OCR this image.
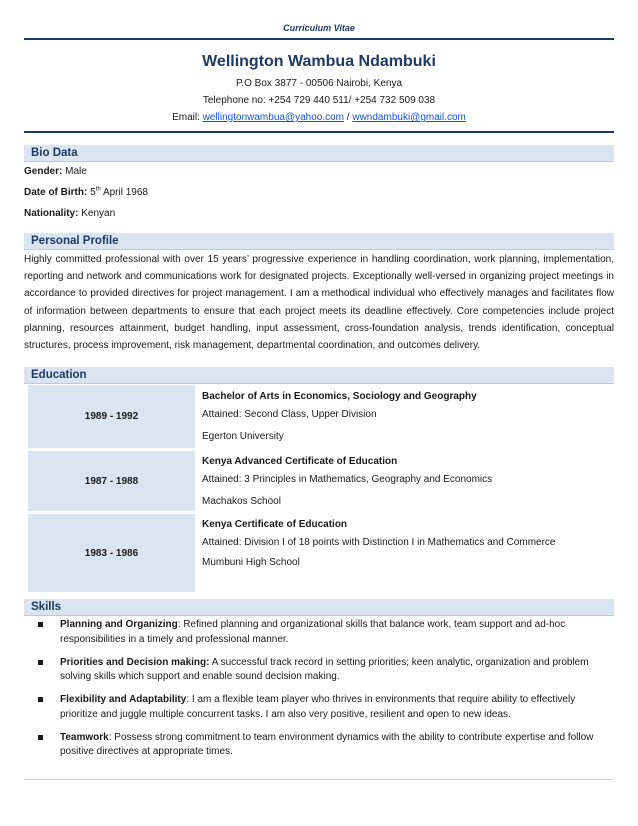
Curriculum Vitae
Wellington Wambua Ndambuki
P.O Box 3877 - 00506 Nairobi, Kenya
Telephone no: +254 729 440 511/ +254 732 509 038
Email: wellingtonwambua@yahoo.com / wwndambuki@gmail.com
Bio Data
Gender: Male
Date of Birth: 5th April 1968
Nationality: Kenyan
Personal Profile
Highly committed professional with over 15 years’ progressive experience in handling coordination, work planning, implementation, reporting and network and communications work for designated projects. Exceptionally well-versed in organizing project meetings in accordance to provided directives for project management. I am a methodical individual who effectively manages and facilitates flow of information between departments to ensure that each project meets its deadline effectively. Core competencies include project planning, resources attainment, budget handling, input assessment, cross-foundation analysis, trends identification, conceptual structures, process improvement, risk management, departmental coordination, and outcomes delivery.
Education
1989 - 1992	Bachelor of Arts in Economics, Sociology and Geography
Attained: Second Class, Upper Division
Egerton University

1987 - 1988	Kenya Advanced Certificate of Education
Attained: 3 Principles in Mathematics, Geography and Economics
Machakos School

1983 - 1986	Kenya Certificate of Education
Attained: Division I of 18 points with Distinction I in Mathematics and Commerce
Mumbuni High School
Skills
Planning and Organizing: Refined planning and organizational skills that balance work, team support and ad-hoc responsibilities in a timely and professional manner.
Priorities and Decision making: A successful track record in setting priorities; keen analytic, organization and problem solving skills which support and enable sound decision making.
Flexibility and Adaptability: I am a flexible team player who thrives in environments that require ability to effectively prioritize and juggle multiple concurrent tasks. I am also very positive, resilient and open to new ideas.
Teamwork: Possess strong commitment to team environment dynamics with the ability to contribute expertise and follow positive directives at appropriate times.
